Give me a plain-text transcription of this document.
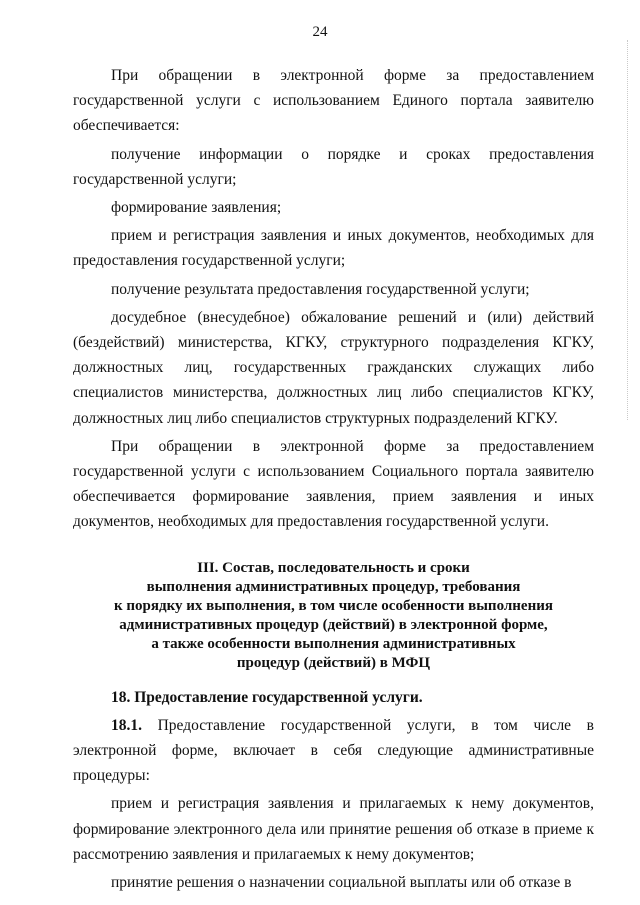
24

При обращении в электронной форме за предоставлением государственной услуги с использованием Единого портала заявителю обеспечивается:

получение информации о порядке и сроках предоставления государственной услуги;

формирование заявления;

прием и регистрация заявления и иных документов, необходимых для предоставления государственной услуги;

получение результата предоставления государственной услуги;

досудебное (внесудебное) обжалование решений и (или) действий (бездействий) министерства, КГКУ, структурного подразделения КГКУ, должностных лиц, государственных гражданских служащих либо специалистов министерства, должностных лиц либо специалистов КГКУ, должностных лиц либо специалистов структурных подразделений КГКУ.

При обращении в электронной форме за предоставлением государственной услуги с использованием Социального портала заявителю обеспечивается формирование заявления, прием заявления и иных документов, необходимых для предоставления государственной услуги.

III. Состав, последовательность и сроки
выполнения административных процедур, требования
к порядку их выполнения, в том числе особенности выполнения
административных процедур (действий) в электронной форме,
а также особенности выполнения административных
процедур (действий) в МФЦ

18. Предоставление государственной услуги.

18.1. Предоставление государственной услуги, в том числе в электронной форме, включает в себя следующие административные процедуры:

прием и регистрация заявления и прилагаемых к нему документов, формирование электронного дела или принятие решения об отказе в приеме к рассмотрению заявления и прилагаемых к нему документов;

принятие решения о назначении социальной выплаты или об отказе в
